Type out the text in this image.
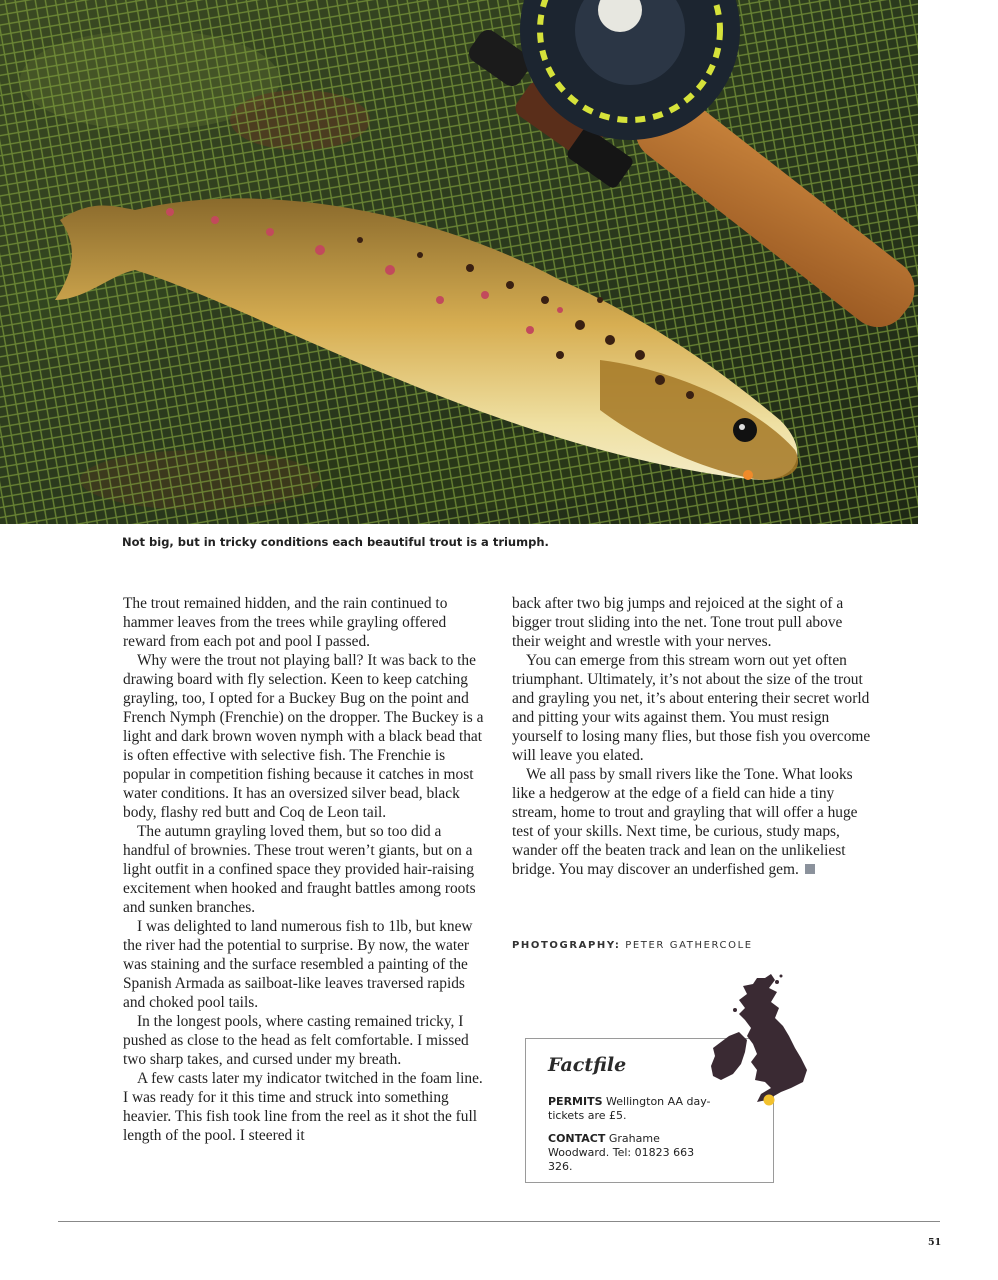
Not big, but in tricky conditions each beautiful trout is a triumph.

The trout remained hidden, and the rain continued to hammer leaves from the trees while grayling offered reward from each pot and pool I passed.

Why were the trout not playing ball? It was back to the drawing board with fly selection. Keen to keep catching grayling, too, I opted for a Buckey Bug on the point and French Nymph (Frenchie) on the dropper. The Buckey is a light and dark brown woven nymph with a black bead that is often effective with selective fish. The Frenchie is popular in competition fishing because it catches in most water conditions. It has an oversized silver bead, black body, flashy red butt and Coq de Leon tail.

The autumn grayling loved them, but so too did a handful of brownies. These trout weren’t giants, but on a light outfit in a confined space they provided hair-raising excitement when hooked and fraught battles among roots and sunken branches.

I was delighted to land numerous fish to 1lb, but knew the river had the potential to surprise. By now, the water was staining and the surface resembled a painting of the Spanish Armada as sailboat-like leaves traversed rapids and choked pool tails.

In the longest pools, where casting remained tricky, I pushed as close to the head as felt comfortable. I missed two sharp takes, and cursed under my breath.

A few casts later my indicator twitched in the foam line. I was ready for it this time and struck into something heavier. This fish took line from the reel as it shot the full length of the pool. I steered it

back after two big jumps and rejoiced at the sight of a bigger trout sliding into the net. Tone trout pull above their weight and wrestle with your nerves.

You can emerge from this stream worn out yet often triumphant. Ultimately, it’s not about the size of the trout and grayling you net, it’s about entering their secret world and pitting your wits against them. You must resign yourself to losing many flies, but those fish you overcome will leave you elated.

We all pass by small rivers like the Tone. What looks like a hedgerow at the edge of a field can hide a tiny stream, home to trout and grayling that will offer a huge test of your skills. Next time, be curious, study maps, wander off the beaten track and lean on the unlikeliest bridge. You may discover an underfished gem.

PHOTOGRAPHY: PETER GATHERCOLE
Factfile
PERMITS Wellington AA day-tickets are £5.
CONTACT Grahame Woodward. Tel: 01823 663 326.
51
